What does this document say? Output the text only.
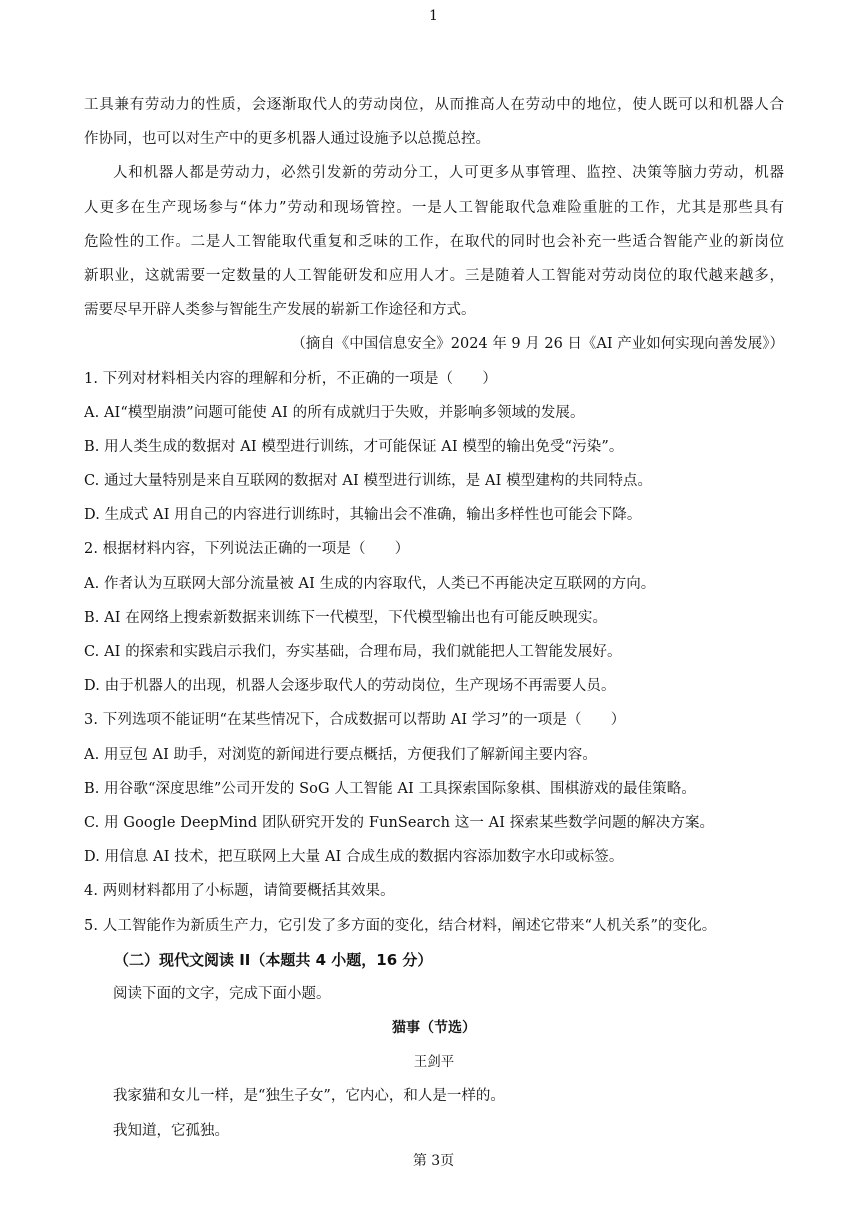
1
工具兼有劳动力的性质，会逐渐取代人的劳动岗位，从而推高人在劳动中的地位，使人既可以和机器人合
作协同，也可以对生产中的更多机器人通过设施予以总揽总控。
人和机器人都是劳动力，必然引发新的劳动分工，人可更多从事管理、监控、决策等脑力劳动，机器
人更多在生产现场参与“体力”劳动和现场管控。一是人工智能取代急难险重脏的工作，尤其是那些具有
危险性的工作。二是人工智能取代重复和乏味的工作，在取代的同时也会补充一些适合智能产业的新岗位
新职业，这就需要一定数量的人工智能研发和应用人才。三是随着人工智能对劳动岗位的取代越来越多，
需要尽早开辟人类参与智能生产发展的崭新工作途径和方式。
（摘自《中国信息安全》2024 年 9 月 26 日《AI 产业如何实现向善发展》）
1. 下列对材料相关内容的理解和分析，不正确的一项是（　　）
A. AI“模型崩溃”问题可能使 AI 的所有成就归于失败，并影响多领域的发展。
B. 用人类生成的数据对 AI 模型进行训练，才可能保证 AI 模型的输出免受“污染”。
C. 通过大量特别是来自互联网的数据对 AI 模型进行训练，是 AI 模型建构的共同特点。
D. 生成式 AI 用自己的内容进行训练时，其输出会不准确，输出多样性也可能会下降。
2. 根据材料内容，下列说法正确的一项是（　　）
A. 作者认为互联网大部分流量被 AI 生成的内容取代，人类已不再能决定互联网的方向。
B. AI 在网络上搜索新数据来训练下一代模型，下代模型输出也有可能反映现实。
C. AI 的探索和实践启示我们，夯实基础，合理布局，我们就能把人工智能发展好。
D. 由于机器人的出现，机器人会逐步取代人的劳动岗位，生产现场不再需要人员。
3. 下列选项不能证明“在某些情况下，合成数据可以帮助 AI 学习”的一项是（　　）
A. 用豆包 AI 助手，对浏览的新闻进行要点概括，方便我们了解新闻主要内容。
B. 用谷歌“深度思维”公司开发的 SoG 人工智能 AI 工具探索国际象棋、围棋游戏的最佳策略。
C. 用 Google DeepMind 团队研究开发的 FunSearch 这一 AI 探索某些数学问题的解决方案。
D. 用信息 AI 技术，把互联网上大量 AI 合成生成的数据内容添加数字水印或标签。
4. 两则材料都用了小标题，请简要概括其效果。
5. 人工智能作为新质生产力，它引发了多方面的变化，结合材料，阐述它带来“人机关系”的变化。
（二）现代文阅读 II（本题共 4 小题，16 分）
阅读下面的文字，完成下面小题。
猫事（节选）
王剑平
我家猫和女儿一样，是“独生子女”，它内心，和人是一样的。
我知道，它孤独。
第 3页
